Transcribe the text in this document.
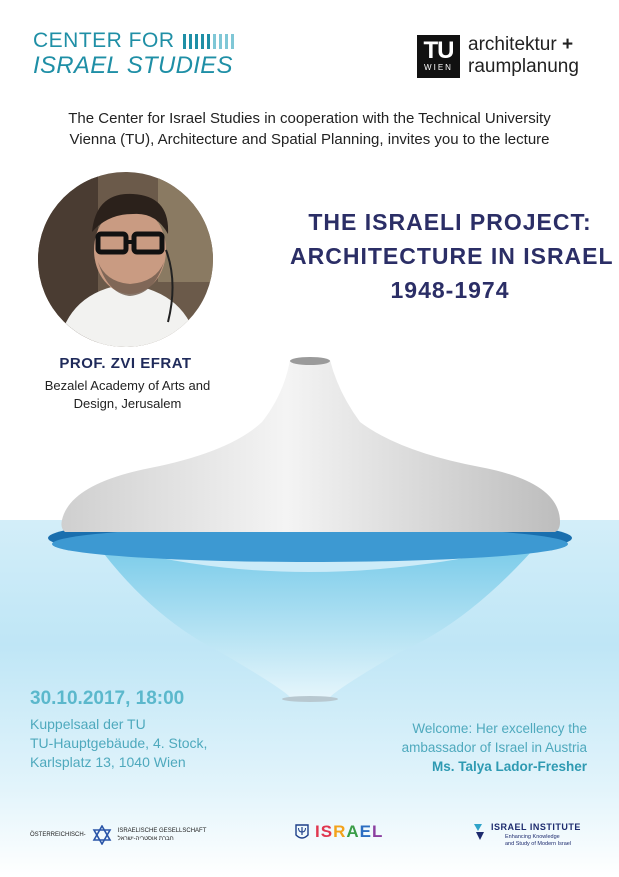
CENTER FOR
ISRAEL STUDIES
TU
WIEN
architektur +
raumplanung
The Center for Israel Studies in cooperation with the Technical University
Vienna (TU), Architecture and Spatial Planning, invites you to the lecture
PROF. ZVI EFRAT
Bezalel Academy of Arts and
Design, Jerusalem
THE ISRAELI PROJECT:
ARCHITECTURE IN ISRAEL
1948-1974
30.10.2017, 18:00
Kuppelsaal der TU
TU-Hauptgebäude, 4. Stock,
Karlsplatz 13, 1040 Wien
Welcome: Her excellency the
ambassador of Israel in Austria
Ms. Talya Lador-Fresher
ÖSTERREICHISCH-
ISRAELISCHE GESELLSCHAFT
חברת אוסטריה-ישראל	ISRAEL	ISRAEL INSTITUTE
Enhancing Knowledge
and Study of Modern Israel
